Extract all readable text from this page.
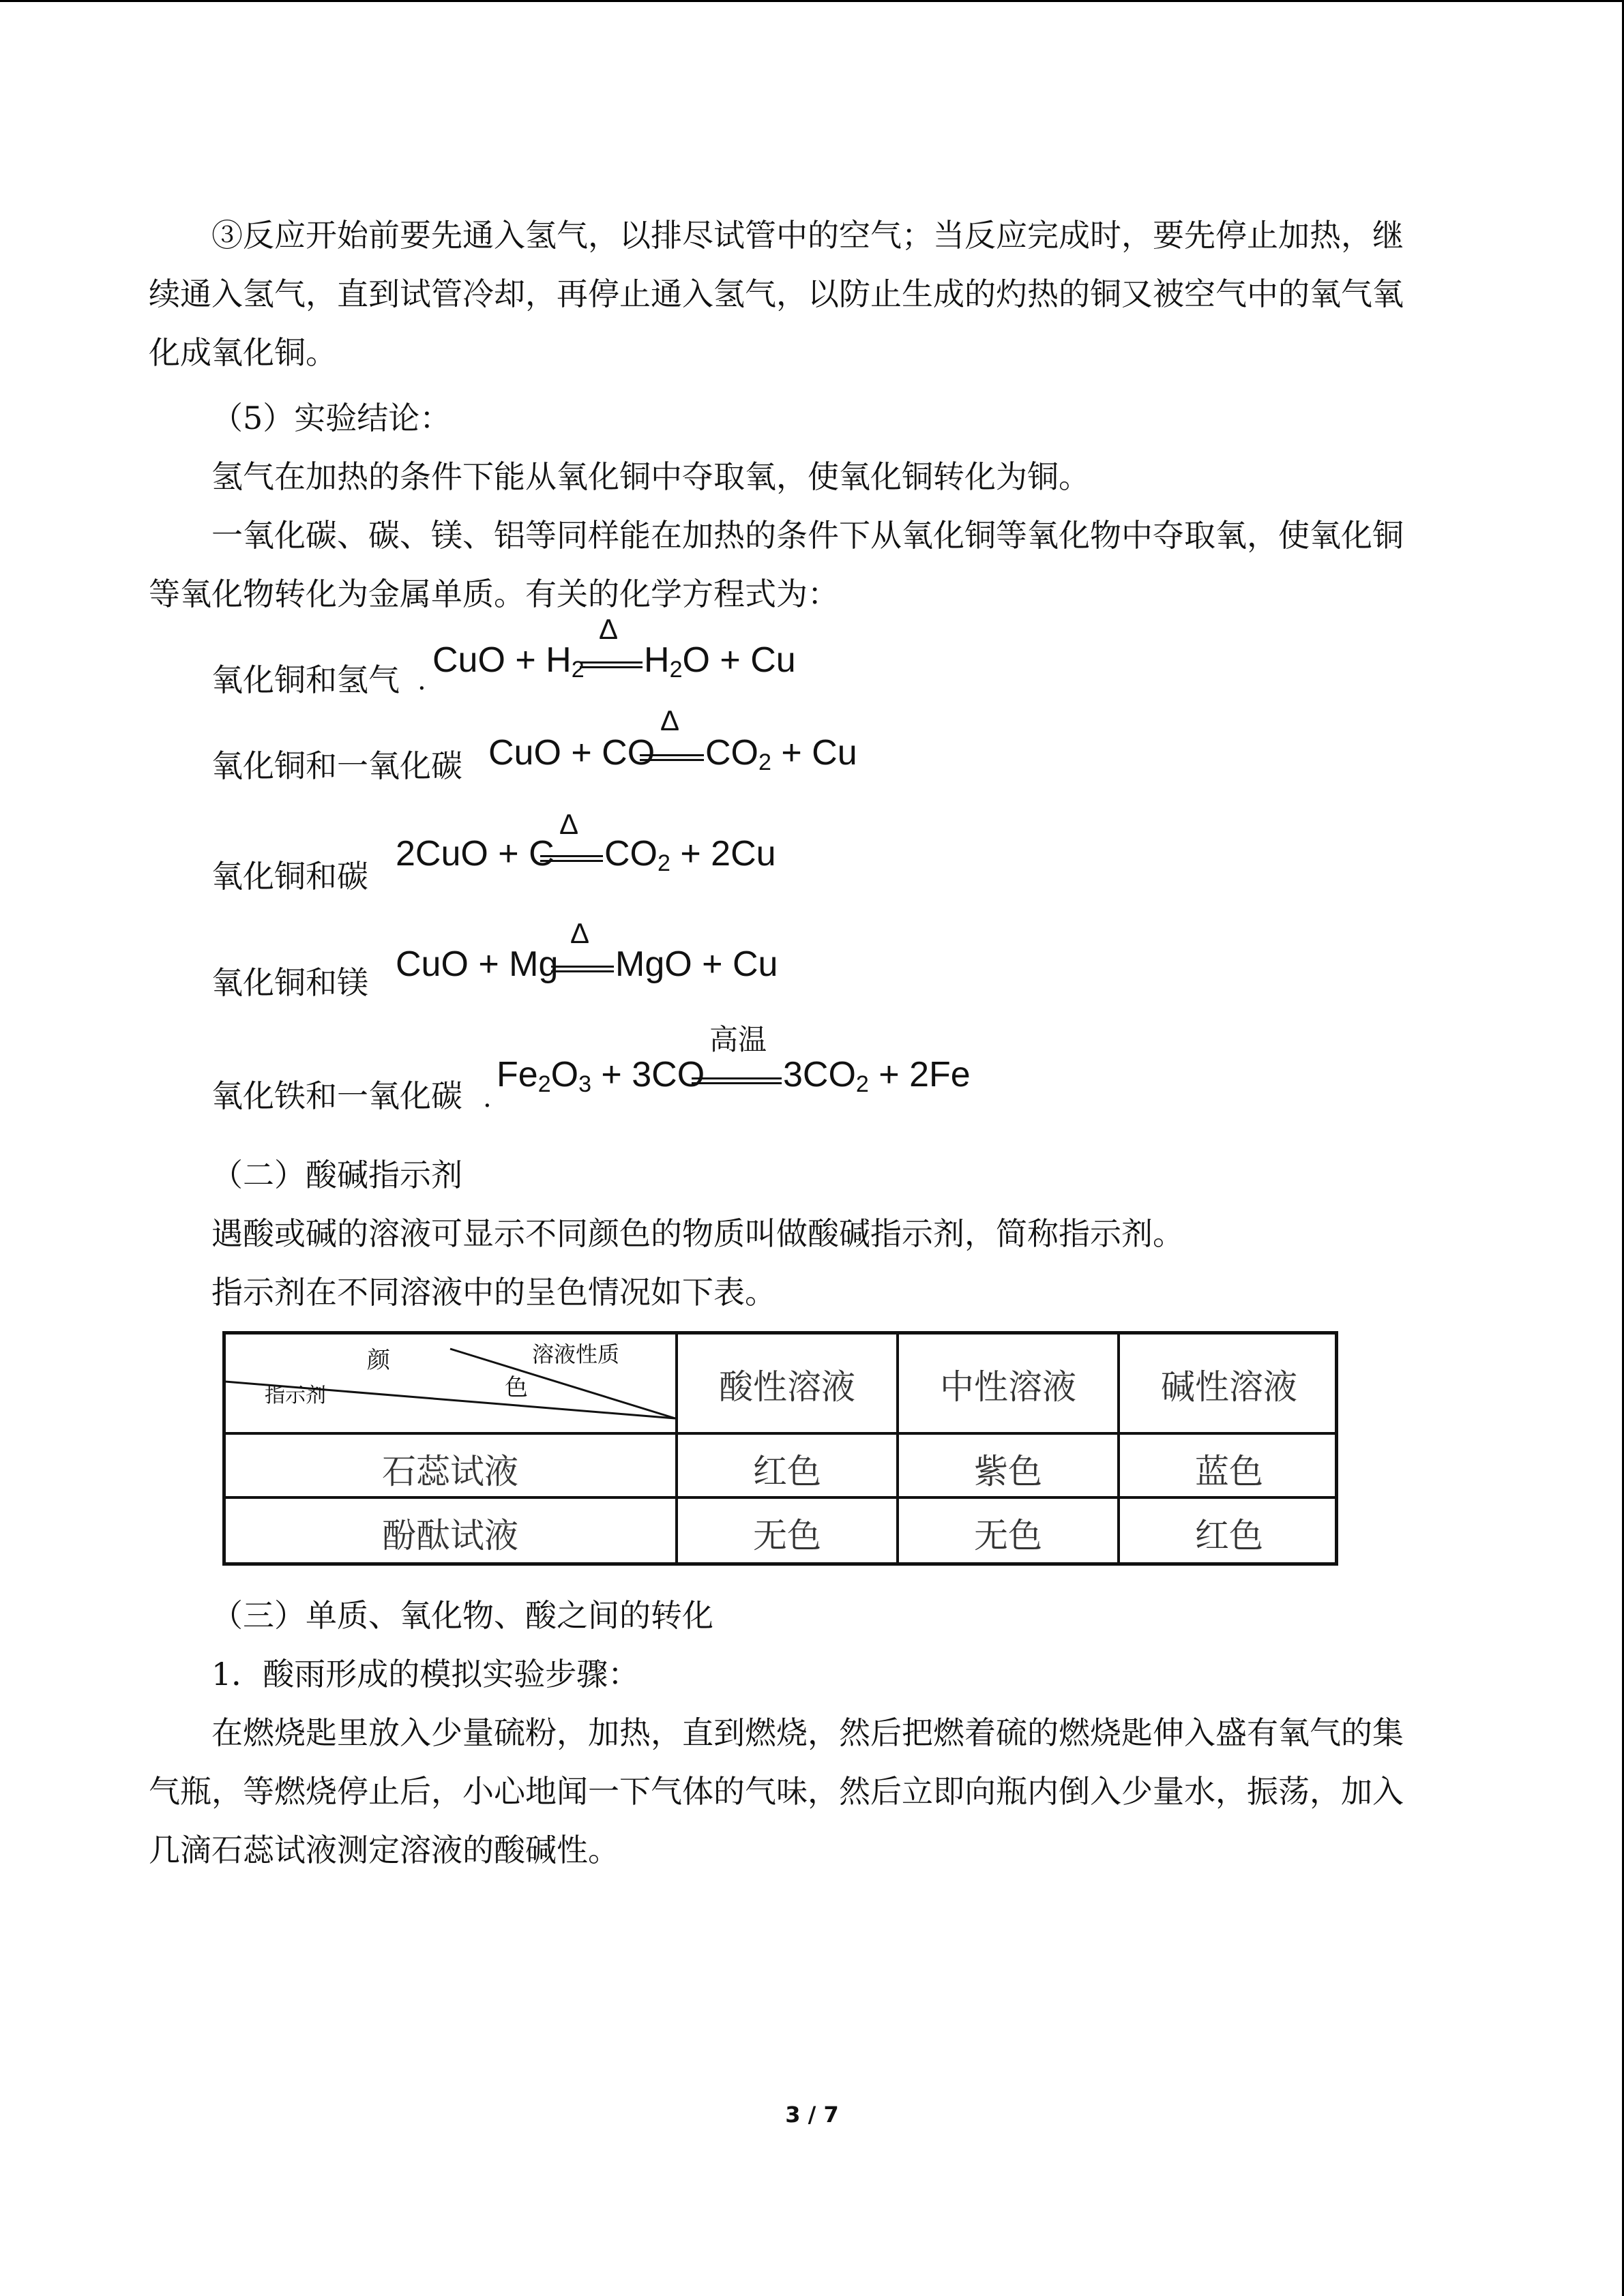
③反应开始前要先通入氢气，以排尽试管中的空气；当反应完成时，要先停止加热，继
续通入氢气，直到试管冷却，再停止通入氢气，以防止生成的灼热的铜又被空气中的氧气氧
化成氧化铜。
（5）实验结论：
氢气在加热的条件下能从氧化铜中夺取氧，使氧化铜转化为铜。
一氧化碳、碳、镁、铝等同样能在加热的条件下从氧化铜等氧化物中夺取氧，使氧化铜
等氧化物转化为金属单质。有关的化学方程式为：
氧化铜和氢气 .
CuO + $H_2$
Δ
$H_2O + Cu$
氧化铜和一氧化碳 CuO + CO
Δ
$CO_2 + Cu$
氧化铜和碳
2CuO + C
Δ
$CO_2 + 2Cu$
氧化铜和镁 CuO + Mg
Δ
MgO + Cu
氧化铁和一氧化碳 .
$Fe_2O_3 + 3CO$
高温
$3CO_2 + 2Fe$
（二）酸碱指示剂
遇酸或碱的溶液可显示不同颜色的物质叫做酸碱指示剂，简称指示剂。
指示剂在不同溶液中的呈色情况如下表。
溶液性质
颜
色
指示剂	酸性溶液	中性溶液	碱性溶液
石蕊试液	红色	紫色	蓝色
酚酞试液	无色	无色	红色
（三）单质、氧化物、酸之间的转化
1．酸雨形成的模拟实验步骤：
在燃烧匙里放入少量硫粉，加热，直到燃烧，然后把燃着硫的燃烧匙伸入盛有氧气的集
气瓶，等燃烧停止后，小心地闻一下气体的气味，然后立即向瓶内倒入少量水，振荡，加入
几滴石蕊试液测定溶液的酸碱性。
3 / 7
